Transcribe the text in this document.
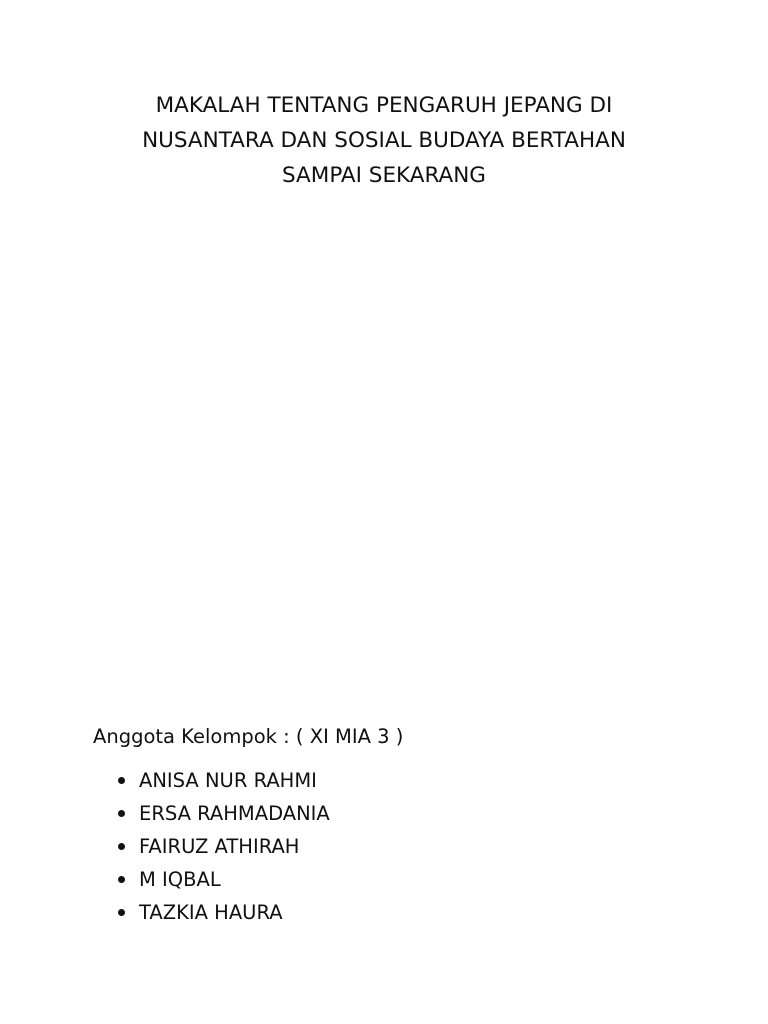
MAKALAH TENTANG PENGARUH JEPANG DI
NUSANTARA DAN SOSIAL BUDAYA BERTAHAN
SAMPAI SEKARANG
Anggota Kelompok : ( XI MIA 3 )
ANISA NUR RAHMI
ERSA RAHMADANIA
FAIRUZ ATHIRAH
M IQBAL
TAZKIA HAURA
